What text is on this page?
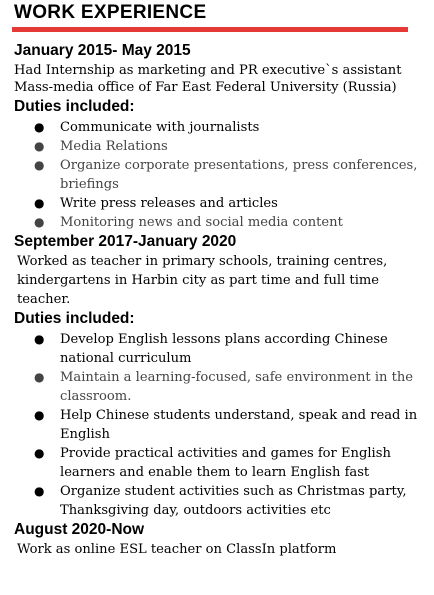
WORK EXPERIENCE

January 2015- May 2015

Had Internship as marketing and PR executive`s assistant

Mass-media office of Far East Federal University (Russia)

Duties included:

● Communicate with journalists
● Media Relations
● Organize corporate presentations, press conferences, briefings
● Write press releases and articles
● Monitoring news and social media content

September 2017-January 2020

Worked as teacher in primary schools, training centres, kindergartens in Harbin city as part time and full time teacher.

Duties included:

● Develop English lessons plans according Chinese national curriculum
● Maintain a learning-focused, safe environment in the classroom.
● Help Chinese students understand, speak and read in English
● Provide practical activities and games for English learners and enable them to learn English fast
● Organize student activities such as Christmas party, Thanksgiving day, outdoors activities etc

August 2020-Now

Work as online ESL teacher on ClassIn platform
